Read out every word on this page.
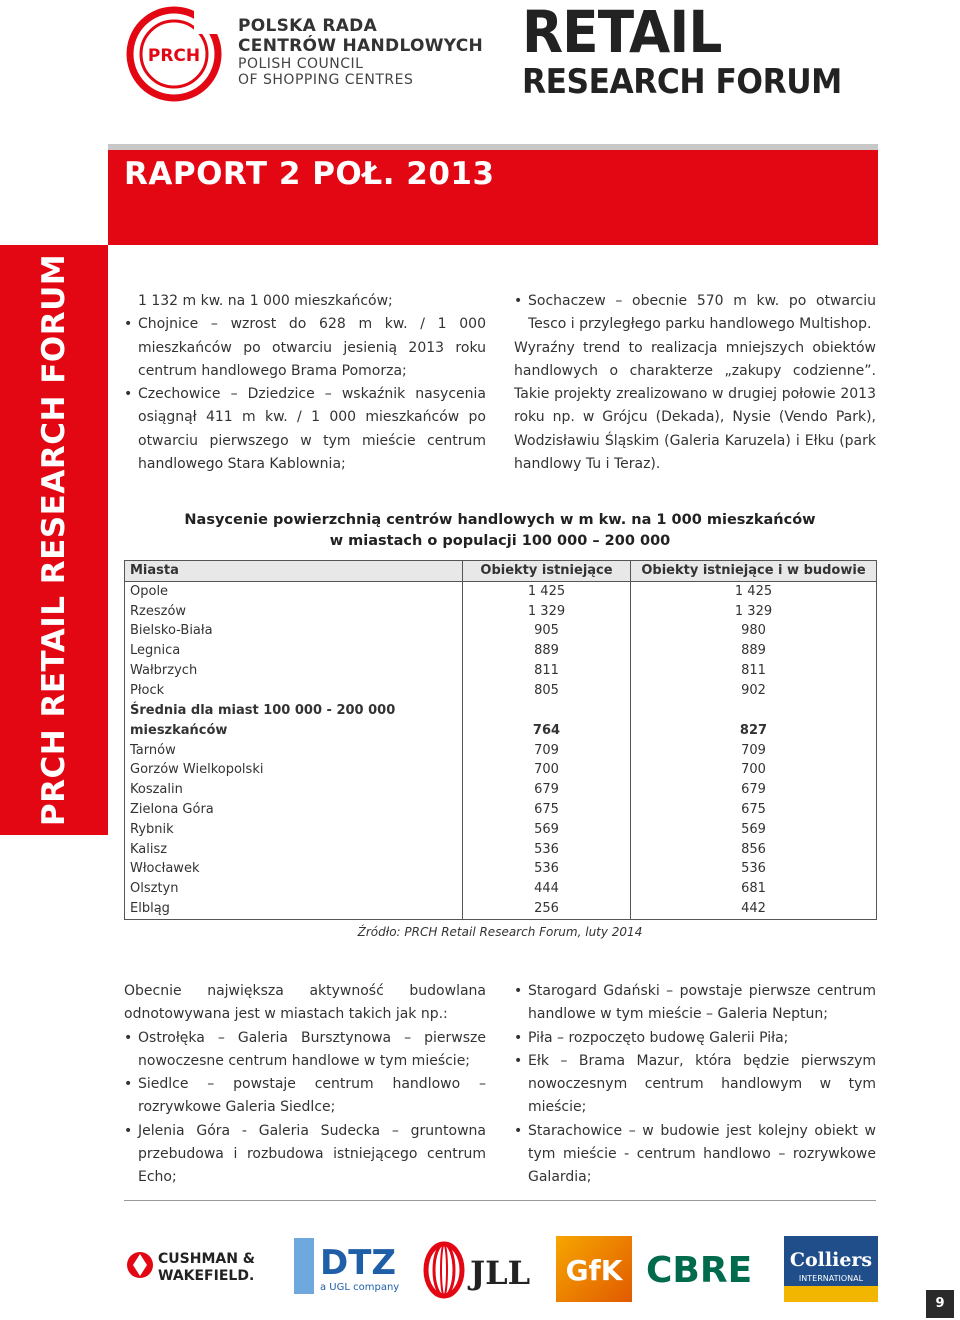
PRCH
POLSKA RADA
CENTRÓW HANDLOWYCH
POLISH COUNCIL
OF SHOPPING CENTRES
RETAIL
RESEARCH FORUM
RAPORT 2 POŁ. 2013
PRCH RETAIL RESEARCH FORUM	1 132 m kw. na 1 000 mieszkańców;

• Chojnice – wzrost do 628 m kw. / 1 000 mieszkańców po otwarciu jesienią 2013 roku centrum handlowego Brama Pomorza;

• Czechowice – Dziedzice – wskaźnik nasycenia osiągnął 411 m kw. / 1 000 mieszkańców po otwarciu pierwszego w tym mieście centrum handlowego Stara Kablownia;

• Sochaczew – obecnie 570 m kw. po otwarciu Tesco i przyległego parku handlowego Multishop.

Wyraźny trend to realizacja mniejszych obiektów handlowych o charakterze „zakupy codzienne”. Takie projekty zrealizowano w drugiej połowie 2013 roku np. w Grójcu (Dekada), Nysie (Vendo Park), Wodzisławiu Śląskim (Galeria Karuzela) i Ełku (park handlowy Tu i Teraz).

Nasycenie powierzchnią centrów handlowych w m kw. na 1 000 mieszkańców
w miastach o populacji 100 000 – 200 000
Miasta	Obiekty istniejące	Obiekty istniejące i w budowie
Opole	1 425	1 425
Rzeszów	1 329	1 329
Bielsko-Biała	905	980
Legnica	889	889
Wałbrzych	811	811
Płock	805	902
Średnia dla miast 100 000 - 200 000 mieszkańców	764	827
Tarnów	709	709
Gorzów Wielkopolski	700	700
Koszalin	679	679
Zielona Góra	675	675
Rybnik	569	569
Kalisz	536	856
Włocławek	536	536
Olsztyn	444	681
Elbląg	256	442
Źródło: PRCH Retail Research Forum, luty 2014

Obecnie największa aktywność budowlana odnotowywana jest w miastach takich jak np.:

• Ostrołęka – Galeria Bursztynowa – pierwsze nowoczesne centrum handlowe w tym mieście;

• Siedlce – powstaje centrum handlowo – rozrywkowe Galeria Siedlce;

• Jelenia Góra - Galeria Sudecka – gruntowna przebudowa i rozbudowa istniejącego centrum Echo;

• Starogard Gdański – powstaje pierwsze centrum handlowe w tym mieście – Galeria Neptun;

• Piła – rozpoczęto budowę Galerii Piła;

• Ełk – Brama Mazur, która będzie pierwszym nowoczesnym centrum handlowym w tym mieście;

• Starachowice – w budowie jest kolejny obiekt w tym mieście - centrum handlowo – rozrywkowe Galardia;

CUSHMAN &
WAKEFIELD. DTZ
a UGL company JLL GfK CBRE Colliers
INTERNATIONAL
9
